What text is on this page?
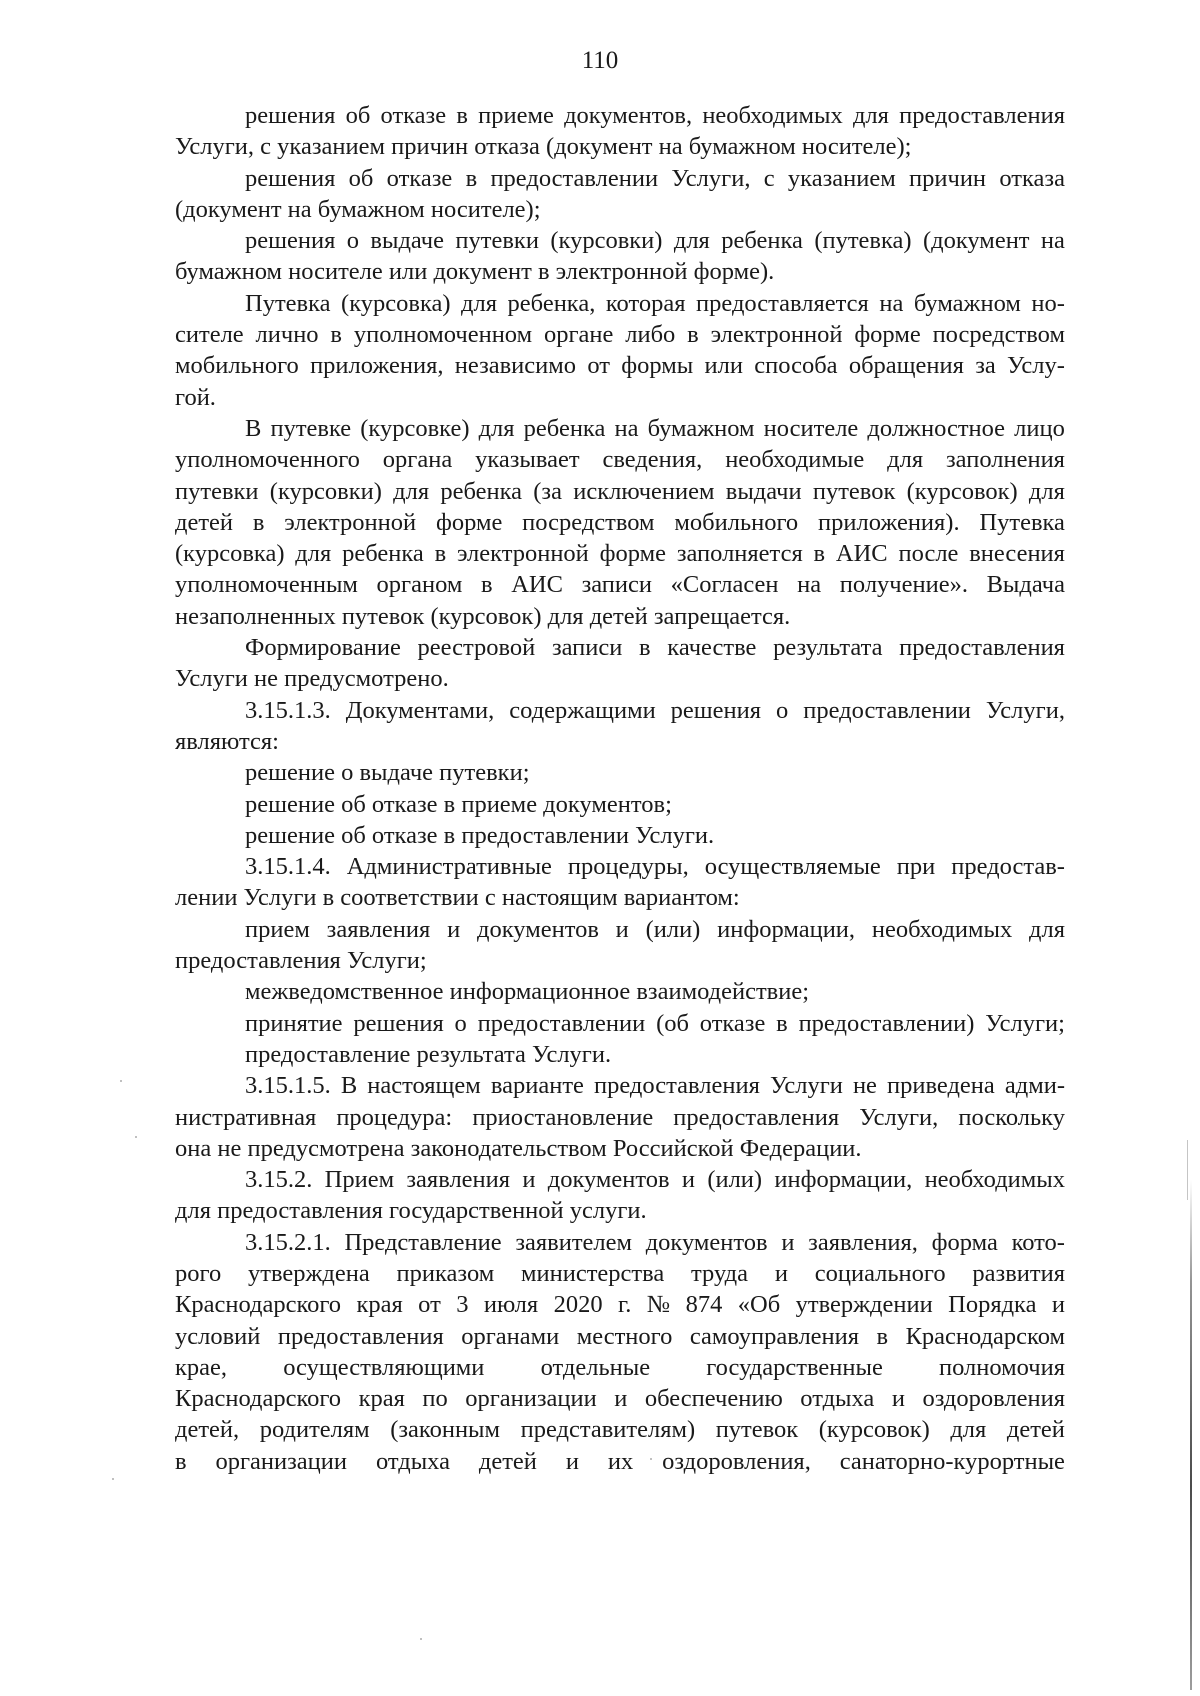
110
решения об отказе в приеме документов, необходимых для предоставления
Услуги, с указанием причин отказа (документ на бумажном носителе);
решения об отказе в предоставлении Услуги, с указанием причин отказа
(документ на бумажном носителе);
решения о выдаче путевки (курсовки) для ребенка (путевка) (документ на
бумажном носителе или документ в электронной форме).
Путевка (курсовка) для ребенка, которая предоставляется на бумажном но-
сителе лично в уполномоченном органе либо в электронной форме посредством
мобильного приложения, независимо от формы или способа обращения за Услу-
гой.
В путевке (курсовке) для ребенка на бумажном носителе должностное лицо
уполномоченного органа указывает сведения, необходимые для заполнения
путевки (курсовки) для ребенка (за исключением выдачи путевок (курсовок) для
детей в электронной форме посредством мобильного приложения). Путевка
(курсовка) для ребенка в электронной форме заполняется в АИС после внесения
уполномоченным органом в АИС записи «Согласен на получение». Выдача
незаполненных путевок (курсовок) для детей запрещается.
Формирование реестровой записи в качестве результата предоставления
Услуги не предусмотрено.
3.15.1.3. Документами, содержащими решения о предоставлении Услуги,
являются:
решение о выдаче путевки;
решение об отказе в приеме документов;
решение об отказе в предоставлении Услуги.
3.15.1.4. Административные процедуры, осуществляемые при предостав-
лении Услуги в соответствии с настоящим вариантом:
прием заявления и документов и (или) информации, необходимых для
предоставления Услуги;
межведомственное информационное взаимодействие;
принятие решения о предоставлении (об отказе в предоставлении) Услуги;
предоставление результата Услуги.
3.15.1.5. В настоящем варианте предоставления Услуги не приведена адми-
нистративная процедура: приостановление предоставления Услуги, поскольку
она не предусмотрена законодательством Российской Федерации.
3.15.2. Прием заявления и документов и (или) информации, необходимых
для предоставления государственной услуги.
3.15.2.1. Представление заявителем документов и заявления, форма кото-
рого утверждена приказом министерства труда и социального развития
Краснодарского края от 3 июля 2020 г. № 874 «Об утверждении Порядка и
условий предоставления органами местного самоуправления в Краснодарском
крае, осуществляющими отдельные государственные полномочия
Краснодарского края по организации и обеспечению отдыха и оздоровления
детей, родителям (законным представителям) путевок (курсовок) для детей
в организации отдыха детей и их оздоровления, санаторно-курортные
